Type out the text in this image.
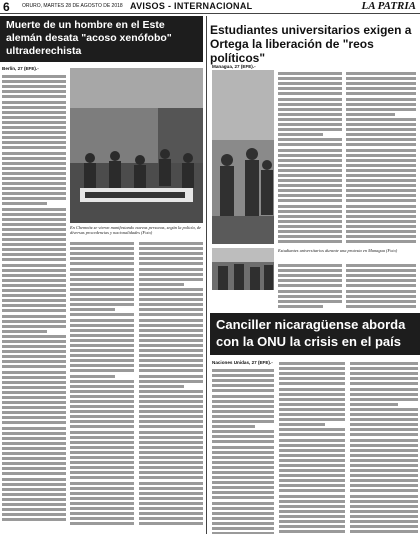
6 ORURO, MARTES 28 DE AGOSTO DE 2018 AVISOS - INTERNACIONAL	LA PATRIA
Muerte de un hombre en el Este alemán desata "acoso xenófobo" ultraderechista
Berlín, 27 (EFE).-
En Chemnitz se vieron manifestando nuevas personas, según la policía, de diversas procedencias y nacionalidades (Foto)
Estudiantes universitarios exigen a Ortega la liberación de "reos políticos"
Managua, 27 (EFE).-
Estudiantes universitarios durante una protesta en Managua (Foto)
Canciller nicaragüense aborda con la ONU la crisis en el país
Naciones Unidas, 27 (EFE).-
